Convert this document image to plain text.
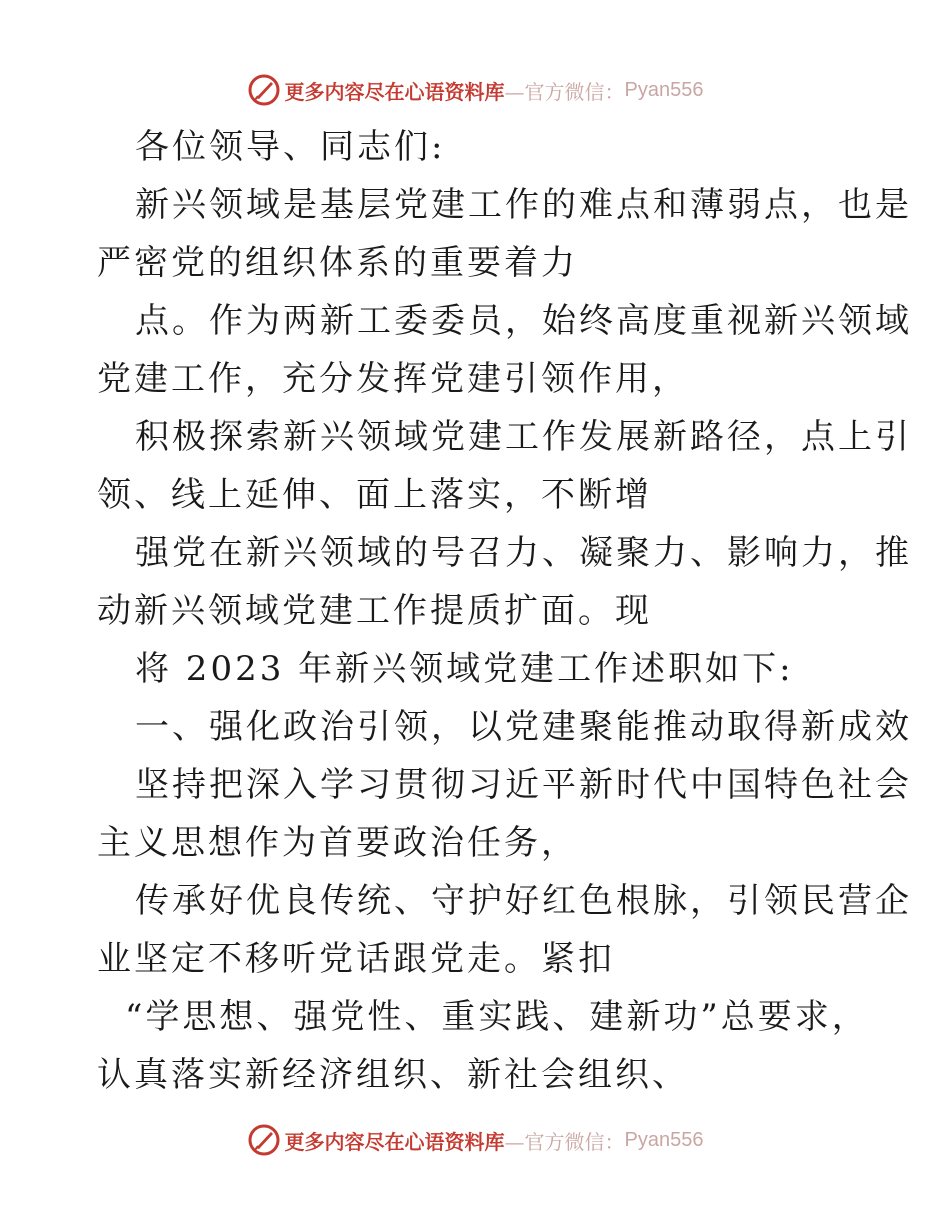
更多内容尽在心语资料库 —官方微信： Pyan556
各位领导、同志们:
新兴领域是基层党建工作的难点和薄弱点，也是
严密党的组织体系的重要着力
点。作为两新工委委员，始终高度重视新兴领域
党建工作，充分发挥党建引领作用，
积极探索新兴领域党建工作发展新路径，点上引
领、线上延伸、面上落实，不断增
强党在新兴领域的号召力、凝聚力、影响力，推
动新兴领域党建工作提质扩面。现
将 2023 年新兴领域党建工作述职如下:
一、强化政治引领，以党建聚能推动取得新成效
坚持把深入学习贯彻习近平新时代中国特色社会
主义思想作为首要政治任务，
传承好优良传统、守护好红色根脉，引领民营企
业坚定不移听党话跟党走。紧扣
“学思想、强党性、重实践、建新功”总要求，
认真落实新经济组织、新社会组织、
更多内容尽在心语资料库 —官方微信： Pyan556
